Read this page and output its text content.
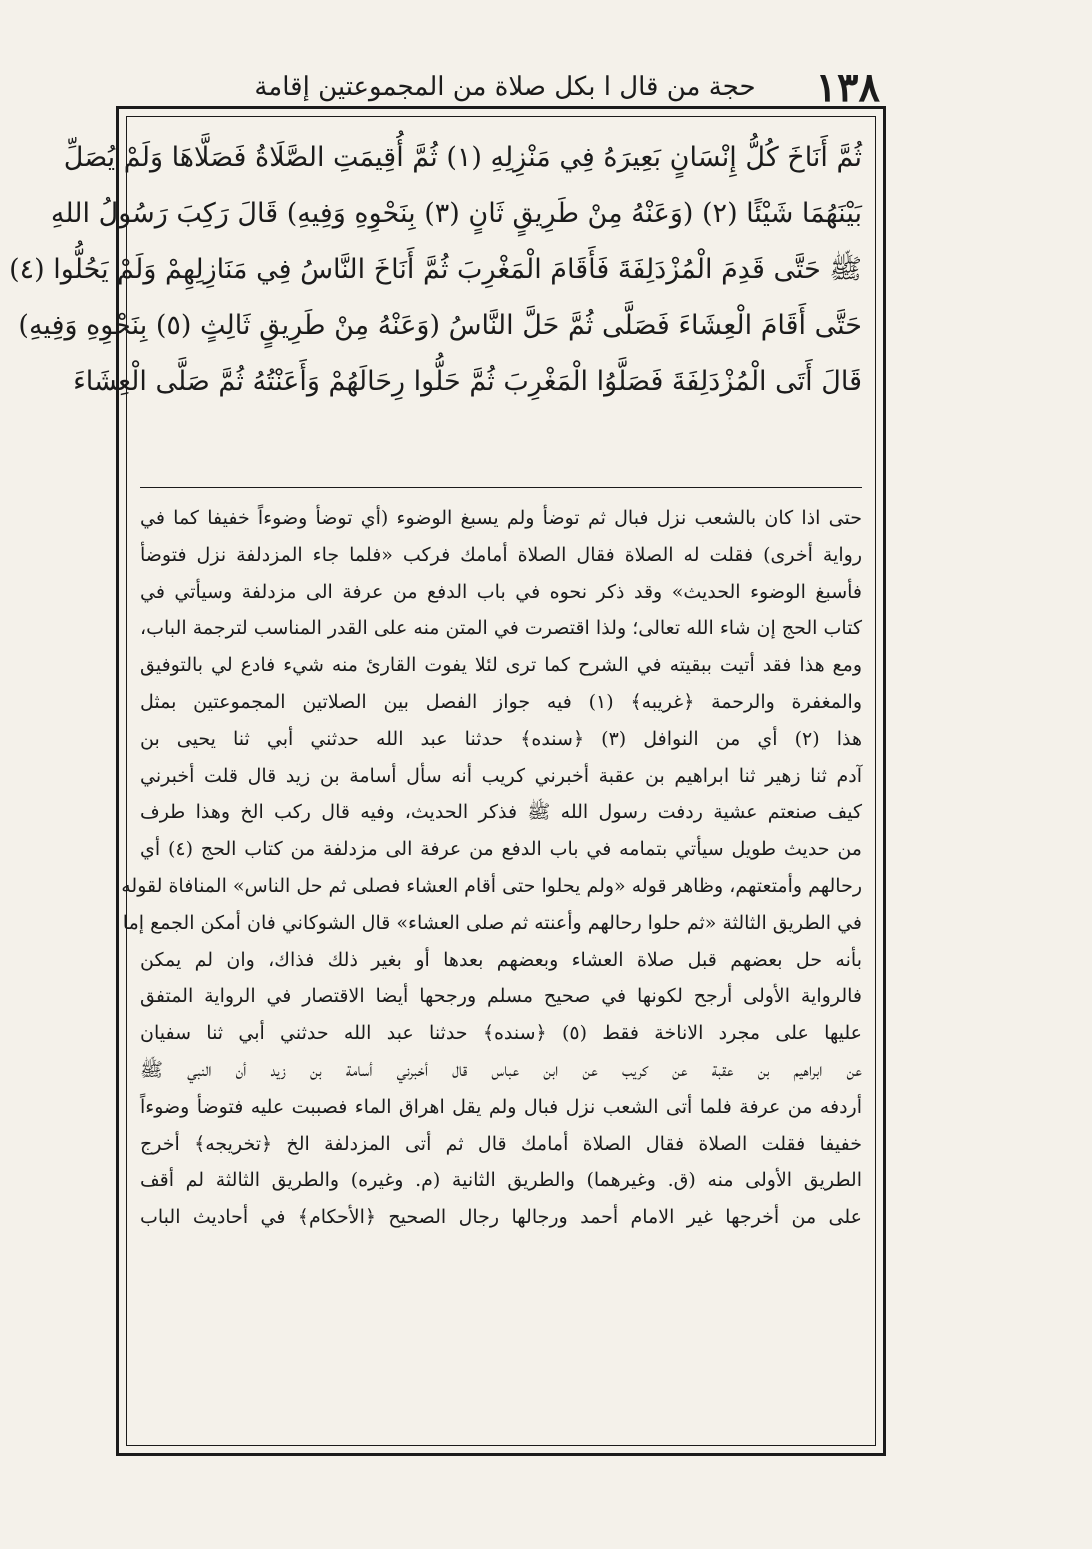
١٣٨
حجة من قال ا بكل صلاة من المجموعتين إقامة
ثُمَّ أَنَاخَ كُلُّ إِنْسَانٍ بَعِيرَهُ فِي مَنْزِلِهِ (١) ثُمَّ أُقِيمَتِ الصَّلَاةُ فَصَلَّاهَا وَلَمْ يُصَلِّ
بَيْنَهُمَا شَيْئًا (٢) (وَعَنْهُ مِنْ طَرِيقٍ ثَانٍ (٣) بِنَحْوِهِ وَفِيهِ) قَالَ رَكِبَ رَسُولُ اللهِ
ﷺ حَتَّى قَدِمَ الْمُزْدَلِفَةَ فَأَقَامَ الْمَغْرِبَ ثُمَّ أَنَاخَ النَّاسُ فِي مَنَازِلِهِمْ وَلَمْ يَحُلُّوا (٤)
حَتَّى أَقَامَ الْعِشَاءَ فَصَلَّى ثُمَّ حَلَّ النَّاسُ (وَعَنْهُ مِنْ طَرِيقٍ ثَالِثٍ (٥) بِنَحْوِهِ وَفِيهِ)
قَالَ أَتَى الْمُزْدَلِفَةَ فَصَلَّوُا الْمَغْرِبَ ثُمَّ حَلُّوا رِحَالَهُمْ وَأَعَنْتُهُ ثُمَّ صَلَّى الْعِشَاءَ
حتى اذا كان بالشعب نزل فبال ثم توضأ ولم يسبغ الوضوء (أي توضأ وضوءاً خفيفا كما في
رواية أخرى) فقلت له الصلاة فقال الصلاة أمامك فركب «فلما جاء المزدلفة نزل فتوضأ
فأسبغ الوضوء الحديث» وقد ذكر نحوه في باب الدفع من عرفة الى مزدلفة وسيأتي في
كتاب الحج إن شاء الله تعالى؛ ولذا اقتصرت في المتن منه على القدر المناسب لترجمة الباب،
ومع هذا فقد أتيت ببقيته في الشرح كما ترى لئلا يفوت القارئ منه شيء فادع لي بالتوفيق
والمغفرة والرحمة ﴿غريبه﴾ (١) فيه جواز الفصل بين الصلاتين المجموعتين بمثل
هذا (٢) أي من النوافل (٣) ﴿سنده﴾ حدثنا عبد الله حدثني أبي ثنا يحيى بن
آدم ثنا زهير ثنا ابراهيم بن عقبة أخبرني كريب أنه سأل أسامة بن زيد قال قلت أخبرني
كيف صنعتم عشية ردفت رسول الله ﷺ فذكر الحديث، وفيه قال ركب الخ وهذا طرف
من حديث طويل سيأتي بتمامه في باب الدفع من عرفة الى مزدلفة من كتاب الحج (٤) أي
رحالهم وأمتعتهم، وظاهر قوله «ولم يحلوا حتى أقام العشاء فصلى ثم حل الناس» المنافاة لقوله
في الطريق الثالثة «ثم حلوا رحالهم وأعنته ثم صلى العشاء» قال الشوكاني فان أمكن الجمع إما
بأنه حل بعضهم قبل صلاة العشاء وبعضهم بعدها أو بغير ذلك فذاك، وان لم يمكن
فالرواية الأولى أرجح لكونها في صحيح مسلم ورجحها أيضا الاقتصار في الرواية المتفق
عليها على مجرد الاناخة فقط (٥) ﴿سنده﴾ حدثنا عبد الله حدثني أبي ثنا سفيان
عن ابراهيم بن عقبة عن كريب عن ابن عباس قال أخبرني أسامة بن زيد أن النبي ﷺ
أردفه من عرفة فلما أتى الشعب نزل فبال ولم يقل اهراق الماء فصببت عليه فتوضأ وضوءاً
خفيفا فقلت الصلاة فقال الصلاة أمامك قال ثم أتى المزدلفة الخ ﴿تخريجه﴾ أخرج
الطريق الأولى منه (ق. وغيرهما) والطريق الثانية (م. وغيره) والطريق الثالثة لم أقف
على من أخرجها غير الامام أحمد ورجالها رجال الصحيح ﴿الأحكام﴾ في أحاديث الباب
